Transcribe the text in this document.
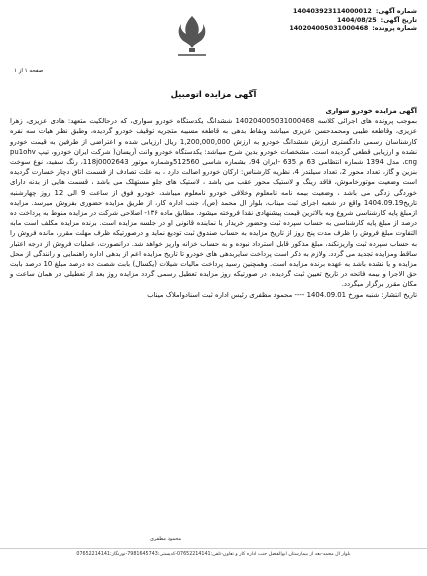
شماره آگهی:
140403923114000012
تاریخ آگهی:
1404/08/25
شماره پرونده:
140204005031000468
صفحه ۱ از ۱
آگهی مزایده اتومبیل

آگهی مزایده خودرو سواری

بموجب پرونده های اجرائی کلاسه 140204005031000468 ششدانگ یکدستگاه خودرو سواری، که درحالکیت متعهد: هادی عزیزی، زهرا عزیزی، وقاطعه طیبی ومحمدحسن عزیزی میباشد وبقاط بدهی به قاطعه مسیبه متجریه توقیف خودرو گردیده، وطبق نظر هیات سه نفره کارشناسان رسمی دادگستری ارزش ششدانگ خودرو به ارزش 1,200,000,000 ریال ارزیابی شده و اعتراضی از طرفین به قیمت خودرو نشده و ارزیابی قطعی گردیده است. مشخصات خودرو بدین شرح میباشد: یکدستگاه خودرو وانت آریسان( شرکت ایران خودرو، تیپ pu1ohv cng، مدل 1394 شماره انتظامی 63 م 635 -ایران 94، بشماره شاسی 512560وشماره موتور 118j0002643، رنگ سفید، نوع سوخت بنزین و گاز، تعداد محور 2، تعداد سیلندر 4، نظریه کارشناس: ارکان خودرو اصالت دارد ، به علت تصادف از قسمت اتاق دچار خسارت گردیده است وضعیت موتورخاموش، فاقد رینگ و لاستیک محور عقب می باشد ، لاستیک های جلو مستهلک می باشد ، قسمت هایی از بدنه دارای خوردگی زدگی می باشد ، وضعیت بیمه نامه نامعلوم وخلافی خودرو نامعلوم میباشد، خودرو فوق از ساعت 9 الی 12 روز چهارشنبه تاریخ1404.09.19 واقع در شعبه اجرای ثبت میناب، بلوار ال محمد (ص)، جنب اداره کار، از طریق مزایده حضوری بفروش میرسد. مزایده ازمبلغ پایه کارشناسی شروع وبه بالاترین قیمت پیشنهادی نقدا فروخته میشود. مطابق ماده ۱۳۶- اصلاحی شرکت در مزایده منوط به پرداخت ده درصد از مبلغ پایه کارشناسی به حساب سپرده ثبت وحضور خریدار یا نماینده قانونی او در جلسه مزایده است. برنده مزایده مکلف است مابه التفاوت مبلغ فروش را ظرف مدت پنج روز از تاریخ مزایده به حساب صندوق ثبت تودیع نماید و درصورتیکه ظرف مهلت مقرر، مانده فروش را به حساب سپرده ثبت واریزنکند، مبلغ مذکور قابل استرداد نبوده و به حساب خزانه واریز خواهد شد. درانصورت، عملیات فروش از درجه اعتبار ساقط ومزایده تجدید می گردد. ولازم به ذکر است پرداخت سایربدهی های خودرو تا تاریخ مزایده اعم از بدهی اداره راهنمایی و رانندگی از محل مزایده و یا نشده باشد به عهده برنده مزایده است. وهمچنین رسید پرداخت مالیات شیلات (یکسال) بابت شصت ده درصد مبلغ 10 درصد بابت حق الاجرا و بیمه فاتحه در تاریخ تعیین ثبت گردیده. در صورتیکه روز مزایده تعطیل رسمی گردد مزایده روز بعد از تعطیلی در همان ساعت و مکان مقرر برگزار میگردد.

تاریخ انتشار: شنبه مورخ 1404.09.01 ---- محمود مظفری رئیس اداره ثبت اسنادواملاک میناب

محمود مظفری
بلوار ال محمد-بعد از بیمارستان ابوالفضل جنب اداره کار و تعاون-تلفن:07652214141-کدپستی:7981645743-نورنگار:07652214141
